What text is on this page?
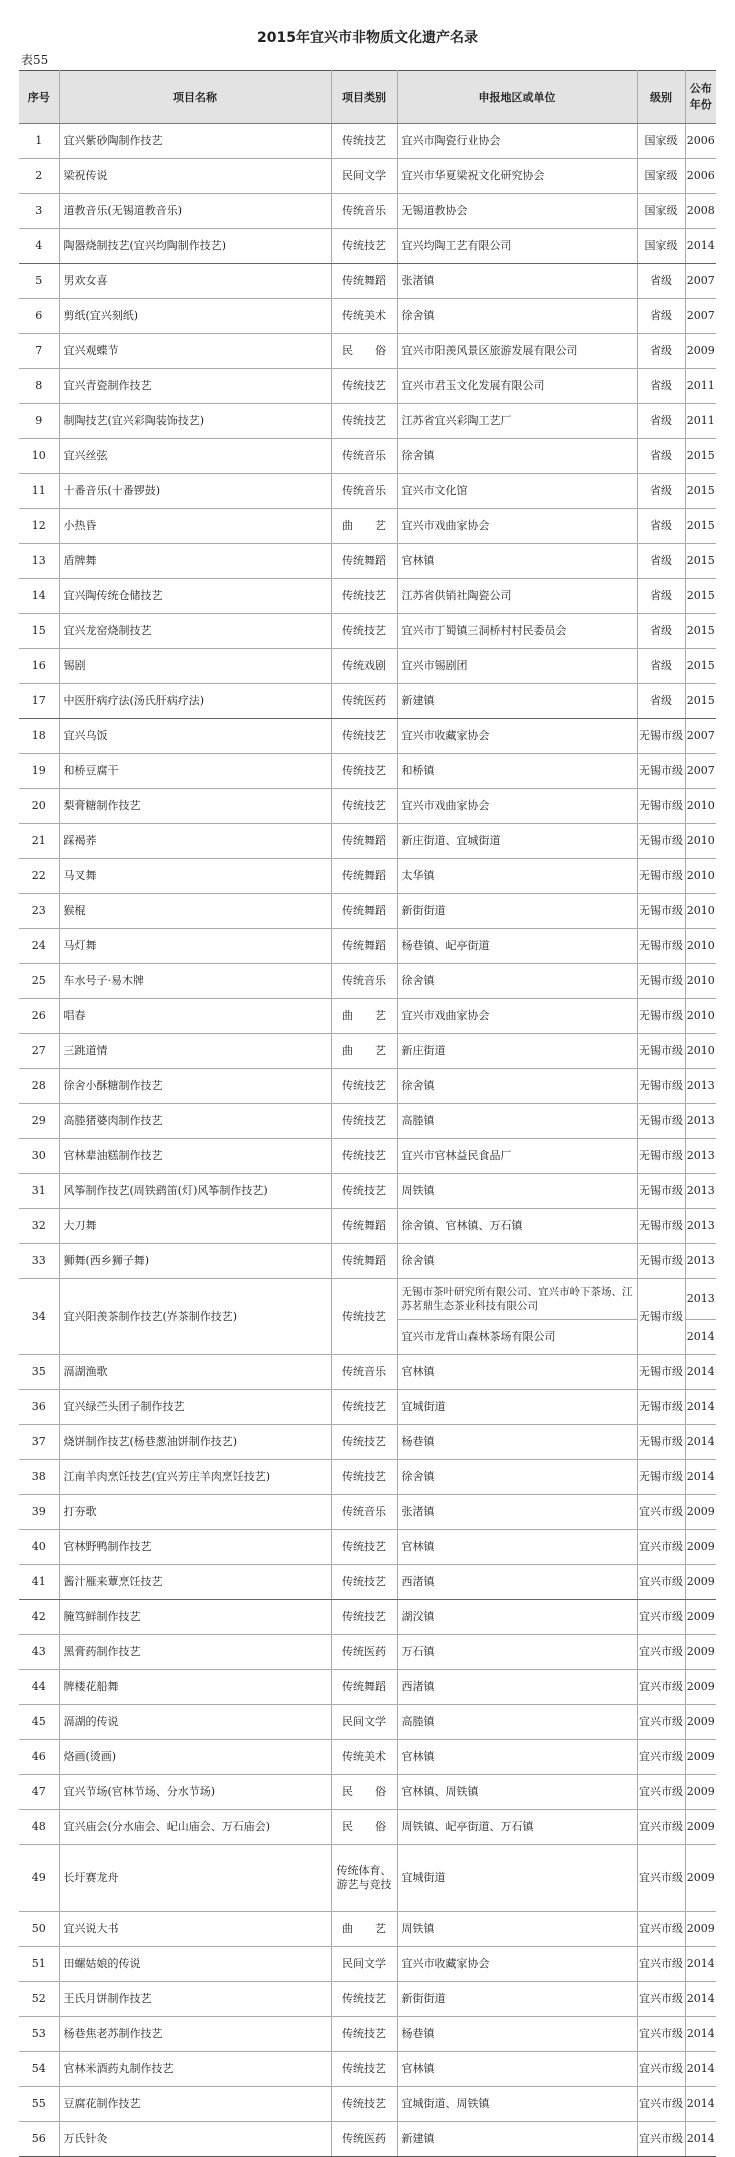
2015年宜兴市非物质文化遗产名录
表55
序号	项目名称	项目类别	申报地区或单位	级别	公布
年份
1	宜兴紫砂陶制作技艺	传统技艺	宜兴市陶瓷行业协会	国家级	2006
2	梁祝传说	民间文学	宜兴市华夏梁祝文化研究协会	国家级	2006
3	道教音乐(无锡道教音乐)	传统音乐	无锡道教协会	国家级	2008
4	陶器烧制技艺(宜兴均陶制作技艺)	传统技艺	宜兴均陶工艺有限公司	国家级	2014
5	男欢女喜	传统舞蹈	张渚镇	省级	2007
6	剪纸(宜兴刻纸)	传统美术	徐舍镇	省级	2007
7	宜兴观蝶节	民　　俗	宜兴市阳羡风景区旅游发展有限公司	省级	2009
8	宜兴青瓷制作技艺	传统技艺	宜兴市君玉文化发展有限公司	省级	2011
9	制陶技艺(宜兴彩陶装饰技艺)	传统技艺	江苏省宜兴彩陶工艺厂	省级	2011
10	宜兴丝弦	传统音乐	徐舍镇	省级	2015
11	十番音乐(十番锣鼓)	传统音乐	宜兴市文化馆	省级	2015
12	小热昏	曲　　艺	宜兴市戏曲家协会	省级	2015
13	盾牌舞	传统舞蹈	官林镇	省级	2015
14	宜兴陶传统仓储技艺	传统技艺	江苏省供销社陶瓷公司	省级	2015
15	宜兴龙窑烧制技艺	传统技艺	宜兴市丁蜀镇三洞桥村村民委员会	省级	2015
16	锡剧	传统戏剧	宜兴市锡剧团	省级	2015
17	中医肝病疗法(汤氏肝病疗法)	传统医药	新建镇	省级	2015
18	宜兴乌饭	传统技艺	宜兴市收藏家协会	无锡市级	2007
19	和桥豆腐干	传统技艺	和桥镇	无锡市级	2007
20	梨膏糖制作技艺	传统技艺	宜兴市戏曲家协会	无锡市级	2010
21	踩褐荞	传统舞蹈	新庄街道、宜城街道	无锡市级	2010
22	马叉舞	传统舞蹈	太华镇	无锡市级	2010
23	猴棍	传统舞蹈	新街街道	无锡市级	2010
24	马灯舞	传统舞蹈	杨巷镇、屺亭街道	无锡市级	2010
25	车水号子·易木牌	传统音乐	徐舍镇	无锡市级	2010
26	唱春	曲　　艺	宜兴市戏曲家协会	无锡市级	2010
27	三跳道情	曲　　艺	新庄街道	无锡市级	2010
28	徐舍小酥糖制作技艺	传统技艺	徐舍镇	无锡市级	2013
29	高塍猪婆肉制作技艺	传统技艺	高塍镇	无锡市级	2013
30	官林辈油糕制作技艺	传统技艺	宜兴市官林益民食品厂	无锡市级	2013
31	风筝制作技艺(周铁鹞笛(灯)风筝制作技艺)	传统技艺	周铁镇	无锡市级	2013
32	大刀舞	传统舞蹈	徐舍镇、官林镇、万石镇	无锡市级	2013
33	狮舞(西乡狮子舞)	传统舞蹈	徐舍镇	无锡市级	2013
34	宜兴阳羡茶制作技艺(岕茶制作技艺)	传统技艺	无锡市茶叶研究所有限公司、宜兴市岭下茶场、江苏茗鼎生态茶业科技有限公司	无锡市级	2013
			宜兴市龙背山森林茶场有限公司		2014
35	滆湖渔歌	传统音乐	官林镇	无锡市级	2014
36	宜兴绿苎头团子制作技艺	传统技艺	宜城街道	无锡市级	2014
37	烧饼制作技艺(杨巷葱油饼制作技艺)	传统技艺	杨巷镇	无锡市级	2014
38	江南羊肉烹饪技艺(宜兴芳庄羊肉烹饪技艺)	传统技艺	徐舍镇	无锡市级	2014
39	打夯歌	传统音乐	张渚镇	宜兴市级	2009
40	官林野鸭制作技艺	传统技艺	官林镇	宜兴市级	2009
41	酱汁雁来蕈烹饪技艺	传统技艺	西渚镇	宜兴市级	2009
42	腌笃鲜制作技艺	传统技艺	湖㳇镇	宜兴市级	2009
43	黑膏药制作技艺	传统医药	万石镇	宜兴市级	2009
44	牌楼花船舞	传统舞蹈	西渚镇	宜兴市级	2009
45	滆湖的传说	民间文学	高塍镇	宜兴市级	2009
46	烙画(烫画)	传统美术	官林镇	宜兴市级	2009
47	宜兴节场(官林节场、分水节场)	民　　俗	官林镇、周铁镇	宜兴市级	2009
48	宜兴庙会(分水庙会、屺山庙会、万石庙会)	民　　俗	周铁镇、屺亭街道、万石镇	宜兴市级	2009
49	长圩赛龙舟	传统体育、游艺与竞技	宜城街道	宜兴市级	2009
50	宜兴说大书	曲　　艺	周铁镇	宜兴市级	2009
51	田螺姑娘的传说	民间文学	宜兴市收藏家协会	宜兴市级	2014
52	王氏月饼制作技艺	传统技艺	新街街道	宜兴市级	2014
53	杨巷焦老苏制作技艺	传统技艺	杨巷镇	宜兴市级	2014
54	官林米酒药丸制作技艺	传统技艺	官林镇	宜兴市级	2014
55	豆腐花制作技艺	传统技艺	宜城街道、周铁镇	宜兴市级	2014
56	万氏针灸	传统医药	新建镇	宜兴市级	2014
